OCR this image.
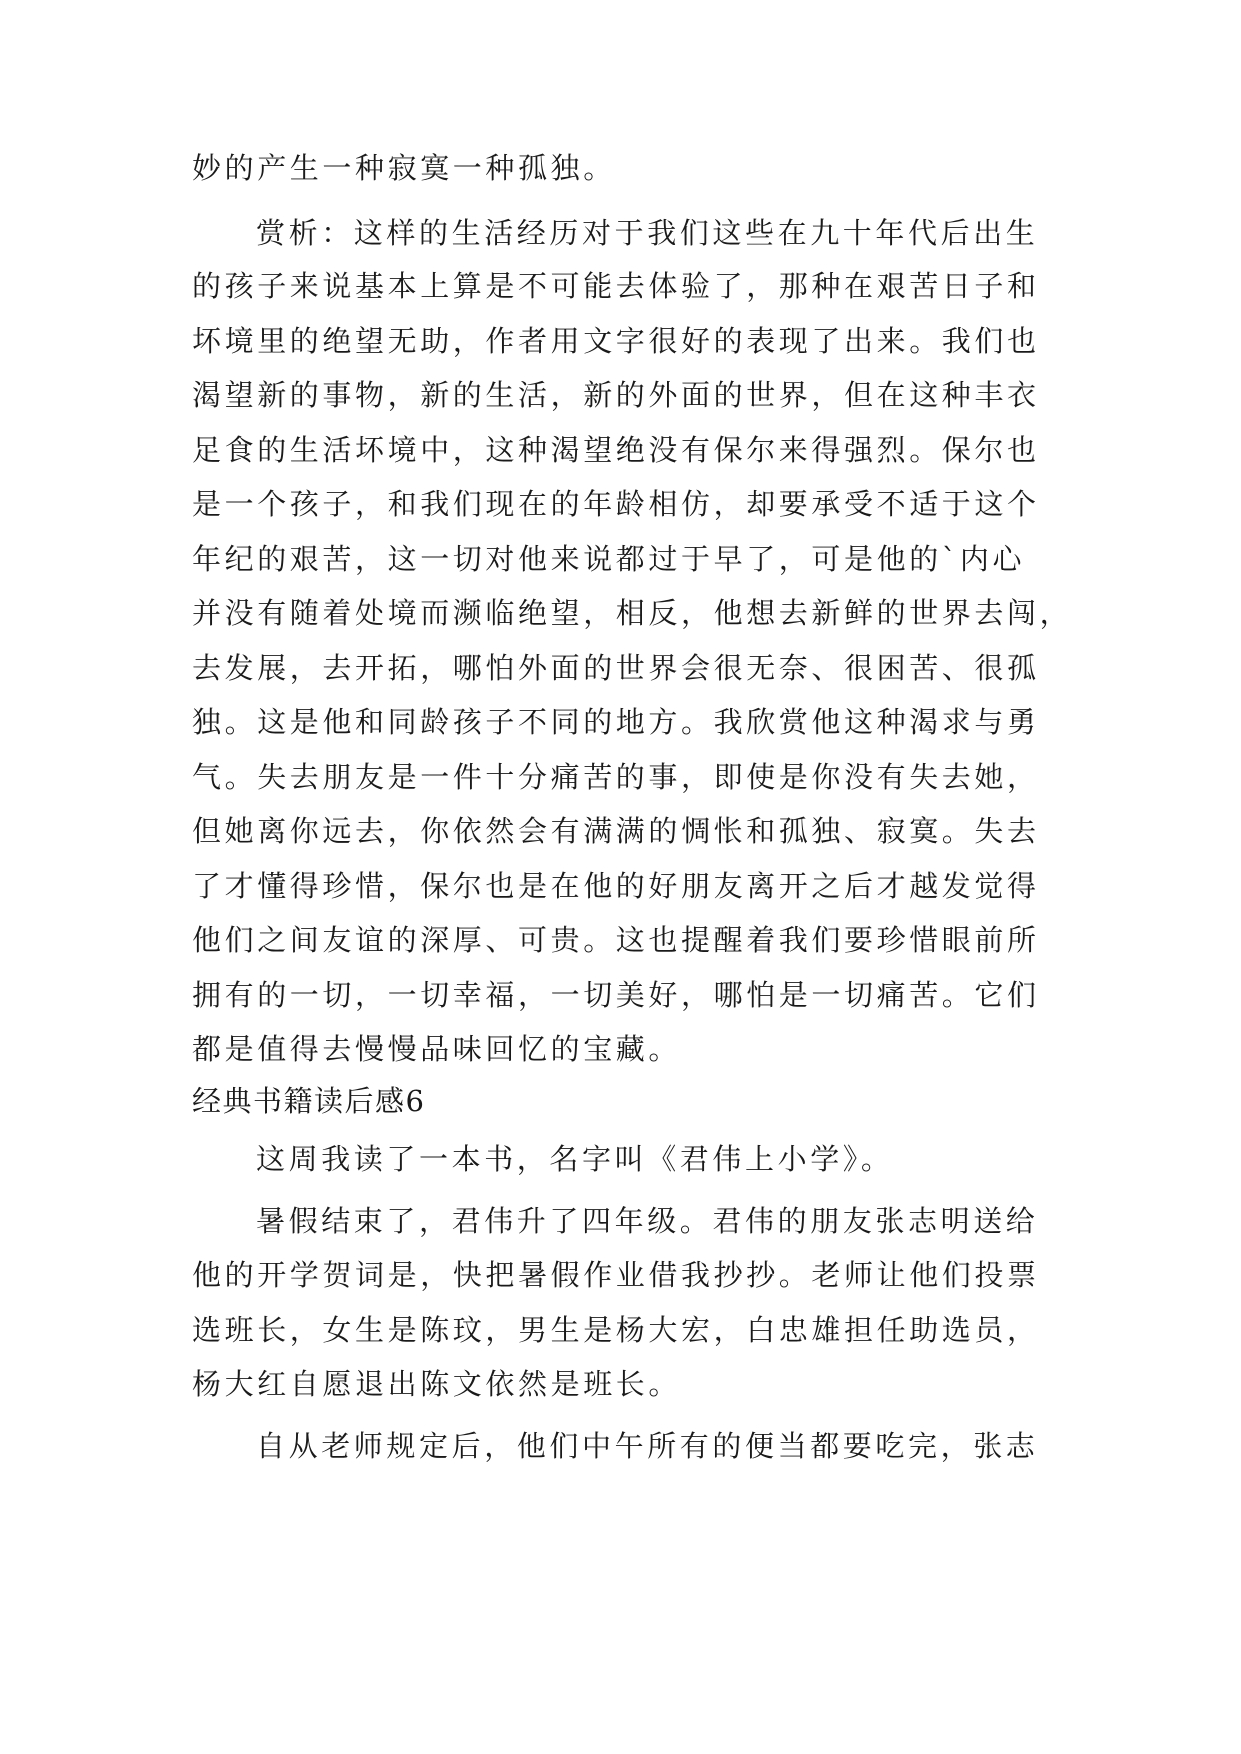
妙的产生一种寂寞一种孤独。
赏析：这样的生活经历对于我们这些在九十年代后出生
的孩子来说基本上算是不可能去体验了，那种在艰苦日子和
坏境里的绝望无助，作者用文字很好的表现了出来。我们也
渴望新的事物，新的生活，新的外面的世界，但在这种丰衣
足食的生活坏境中，这种渴望绝没有保尔来得强烈。保尔也
是一个孩子，和我们现在的年龄相仿，却要承受不适于这个
年纪的艰苦，这一切对他来说都过于早了，可是他的`内心
并没有随着处境而濒临绝望，相反，他想去新鲜的世界去闯，
去发展，去开拓，哪怕外面的世界会很无奈、很困苦、很孤
独。这是他和同龄孩子不同的地方。我欣赏他这种渴求与勇
气。失去朋友是一件十分痛苦的事，即使是你没有失去她，
但她离你远去，你依然会有满满的惆怅和孤独、寂寞。失去
了才懂得珍惜，保尔也是在他的好朋友离开之后才越发觉得
他们之间友谊的深厚、可贵。这也提醒着我们要珍惜眼前所
拥有的一切，一切幸福，一切美好，哪怕是一切痛苦。它们
都是值得去慢慢品味回忆的宝藏。
经典书籍读后感6
这周我读了一本书，名字叫《君伟上小学》。
暑假结束了，君伟升了四年级。君伟的朋友张志明送给
他的开学贺词是，快把暑假作业借我抄抄。老师让他们投票
选班长，女生是陈玟，男生是杨大宏，白忠雄担任助选员，
杨大红自愿退出陈文依然是班长。
自从老师规定后，他们中午所有的便当都要吃完，张志
